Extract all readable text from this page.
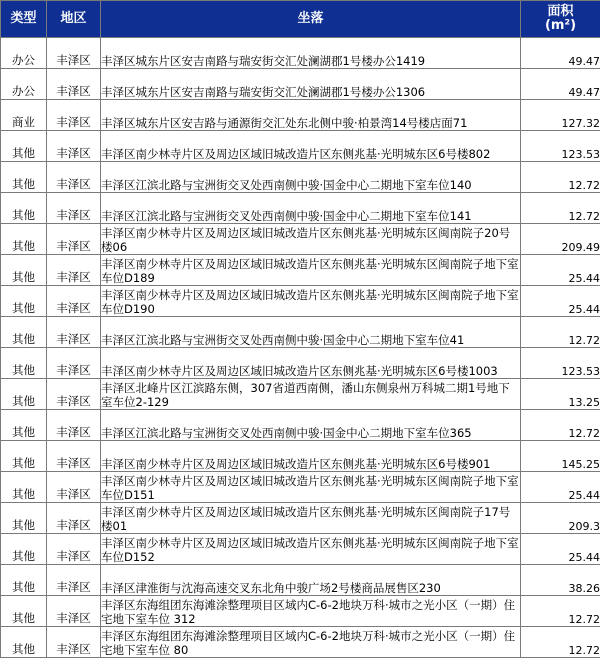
类型	地区	坐落	面积
(m²)
办公	丰泽区	丰泽区城东片区安吉南路与瑞安街交汇处澜湖郡1号楼办公1419	49.47
办公	丰泽区	丰泽区城东片区安吉南路与瑞安街交汇处澜湖郡1号楼办公1306	49.47
商业	丰泽区	丰泽区城东片区安吉路与通源街交汇处东北侧中骏·柏景湾14号楼店面71	127.32
其他	丰泽区	丰泽区南少林寺片区及周边区域旧城改造片区东侧兆基·光明城东区6号楼802	123.53
其他	丰泽区	丰泽区江滨北路与宝洲街交叉处西南侧中骏·国金中心二期地下室车位140	12.72
其他	丰泽区	丰泽区江滨北路与宝洲街交叉处西南侧中骏·国金中心二期地下室车位141	12.72
其他	丰泽区	丰泽区南少林寺片区及周边区域旧城改造片区东侧兆基·光明城东区闽南院子20号楼06	209.49
其他	丰泽区	丰泽区南少林寺片区及周边区域旧城改造片区东侧兆基·光明城东区闽南院子地下室车位D189	25.44
其他	丰泽区	丰泽区南少林寺片区及周边区域旧城改造片区东侧兆基·光明城东区闽南院子地下室车位D190	25.44
其他	丰泽区	丰泽区江滨北路与宝洲街交叉处西南侧中骏·国金中心二期地下室车位41	12.72
其他	丰泽区	丰泽区南少林寺片区及周边区域旧城改造片区东侧兆基·光明城东区6号楼1003	123.53
其他	丰泽区	丰泽区北峰片区江滨路东侧，307省道西南侧，潘山东侧泉州万科城二期1号地下室车位2-129	13.25
其他	丰泽区	丰泽区江滨北路与宝洲街交叉处西南侧中骏·国金中心二期地下室车位365	12.72
其他	丰泽区	丰泽区南少林寺片区及周边区域旧城改造片区东侧兆基·光明城东区6号楼901	145.25
其他	丰泽区	丰泽区南少林寺片区及周边区域旧城改造片区东侧兆基·光明城东区闽南院子地下室车位D151	25.44
其他	丰泽区	丰泽区南少林寺片区及周边区域旧城改造片区东侧兆基·光明城东区闽南院子17号楼01	209.3
其他	丰泽区	丰泽区南少林寺片区及周边区域旧城改造片区东侧兆基·光明城东区闽南院子地下室车位D152	25.44
其他	丰泽区	丰泽区津淮街与沈海高速交叉东北角中骏广场2号楼商品展售区230	38.26
其他	丰泽区	丰泽区东海组团东海滩涂整理项目区域内C-6-2地块万科·城市之光小区（一期）住宅地下室车位 312	12.72
其他	丰泽区	丰泽区东海组团东海滩涂整理项目区域内C-6-2地块万科·城市之光小区（一期）住宅地下室车位 80	12.72
